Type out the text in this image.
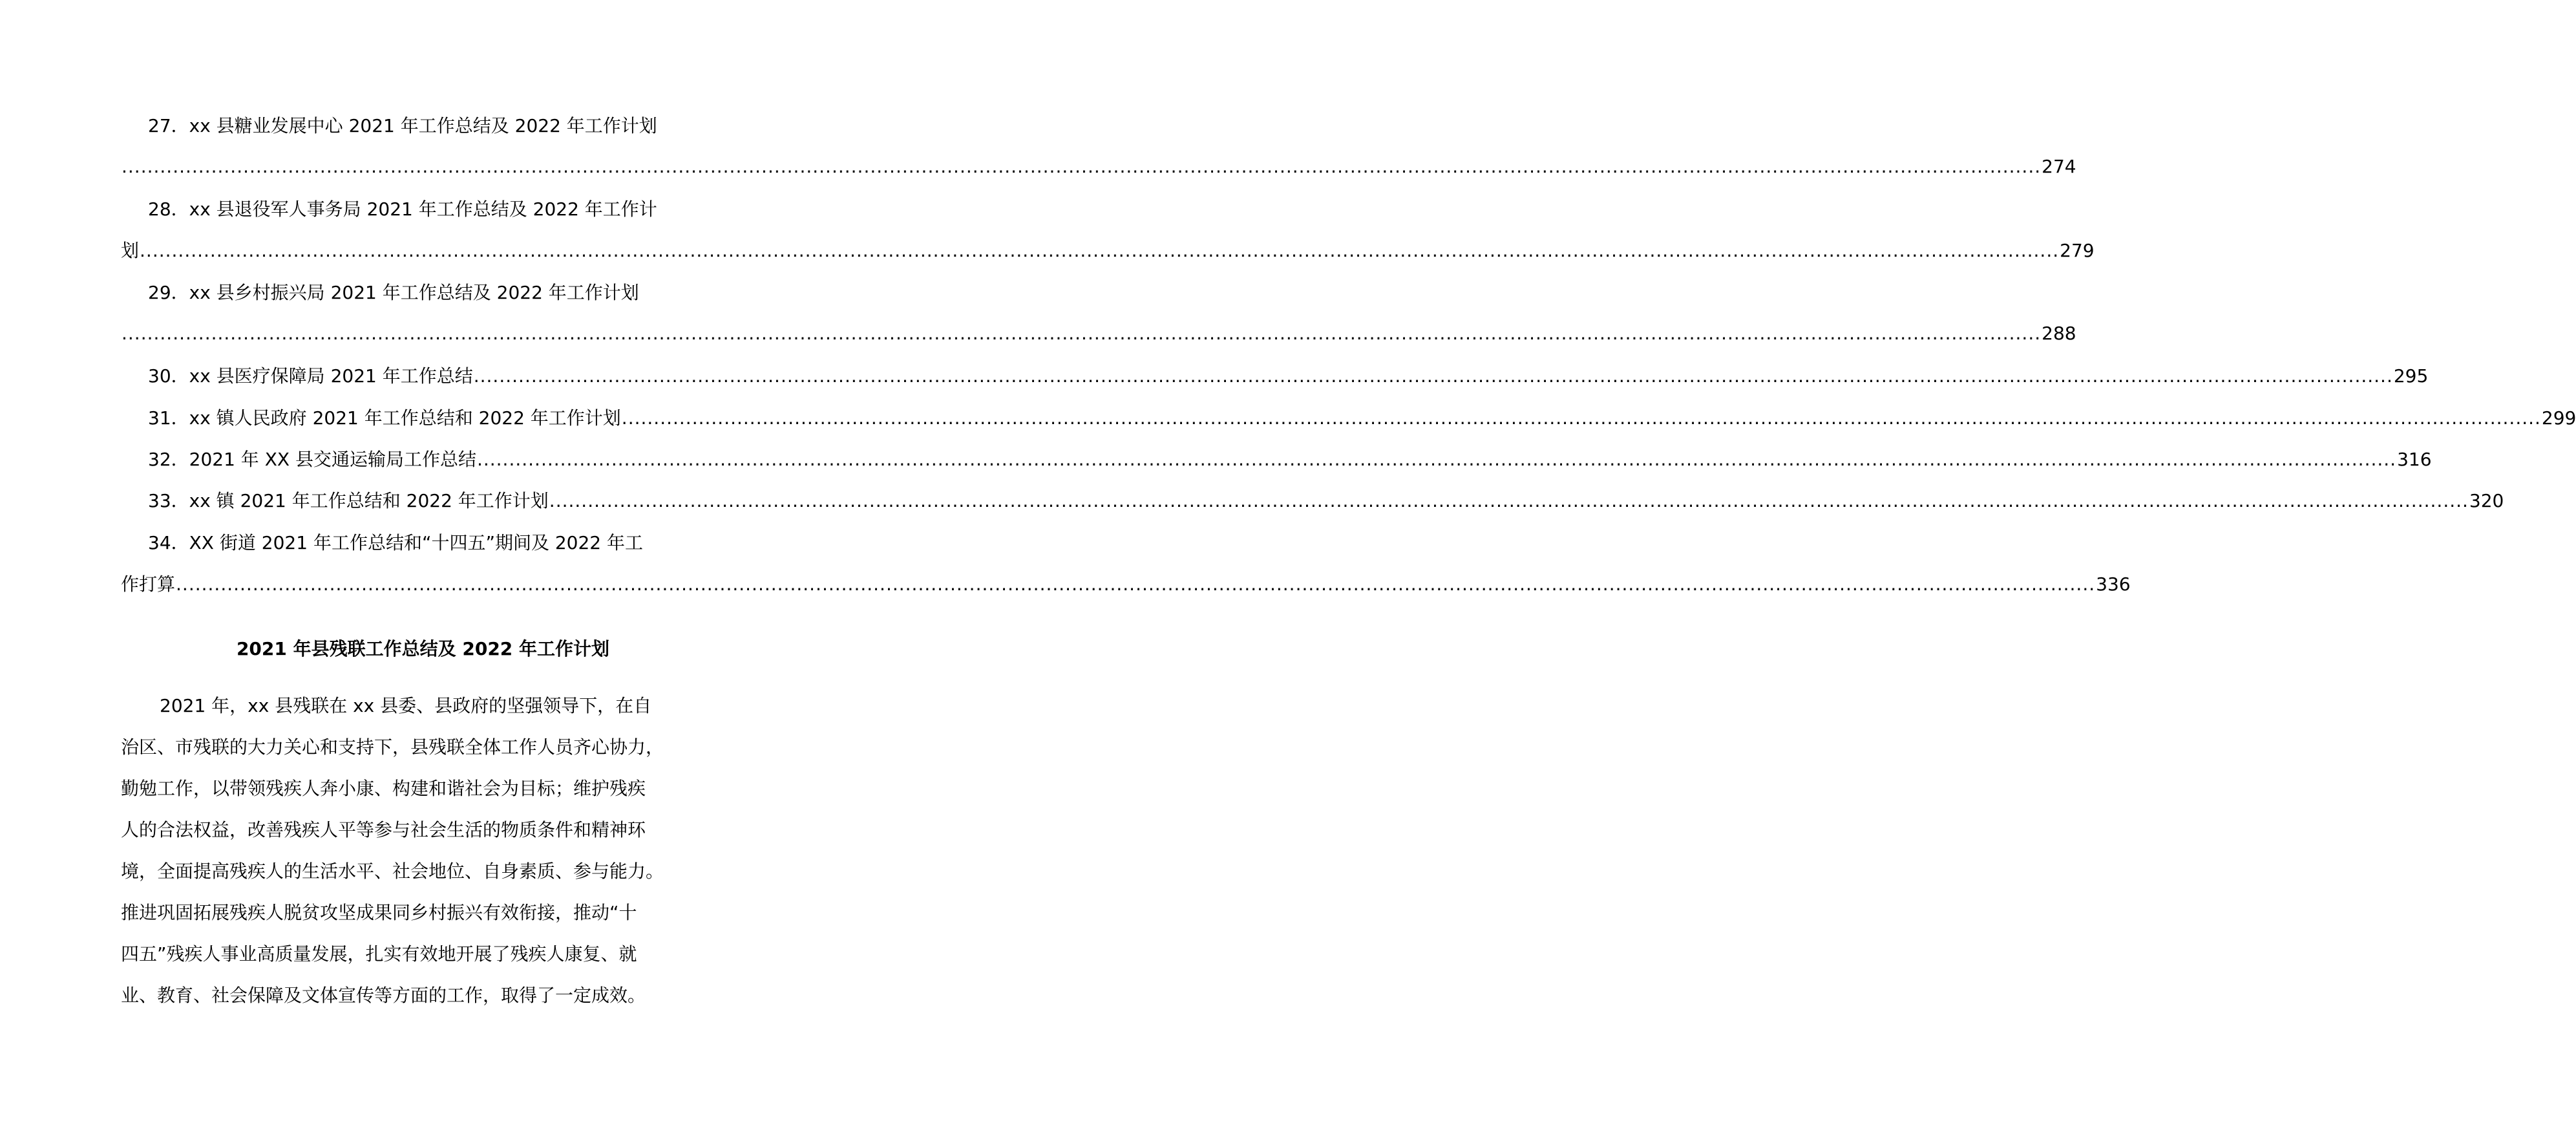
27．xx 县糖业发展中心 2021 年工作总结及 2022 年工作计划
............................................................................................................................................................................................................................................................................................................ 274
28．xx 县退役军人事务局 2021 年工作总结及 2022 年工作计
划 ............................................................................................................................................................................................................................................................................................................ 279
29．xx 县乡村振兴局 2021 年工作总结及 2022 年工作计划
............................................................................................................................................................................................................................................................................................................ 288
30．xx 县医疗保障局 2021 年工作总结 ............................................................................................................................................................................................................................................................................................................ 295
31．xx 镇人民政府 2021 年工作总结和 2022 年工作计划 ............................................................................................................................................................................................................................................................................................................ 299
32．2021 年 XX 县交通运输局工作总结 ............................................................................................................................................................................................................................................................................................................ 316
33．xx 镇 2021 年工作总结和 2022 年工作计划 ............................................................................................................................................................................................................................................................................................................ 320
34．XX 街道 2021 年工作总结和“十四五”期间及 2022 年工
作打算 ............................................................................................................................................................................................................................................................................................................ 336
2021 年县残联工作总结及 2022 年工作计划
2021 年，xx 县残联在 xx 县委、县政府的坚强领导下，在自
治区、市残联的大力关心和支持下，县残联全体工作人员齐心协力，
勤勉工作，以带领残疾人奔小康、构建和谐社会为目标；维护残疾
人的合法权益，改善残疾人平等参与社会生活的物质条件和精神环
境，全面提高残疾人的生活水平、社会地位、自身素质、参与能力。
推进巩固拓展残疾人脱贫攻坚成果同乡村振兴有效衔接，推动“十
四五”残疾人事业高质量发展，扎实有效地开展了残疾人康复、就
业、教育、社会保障及文体宣传等方面的工作，取得了一定成效。
